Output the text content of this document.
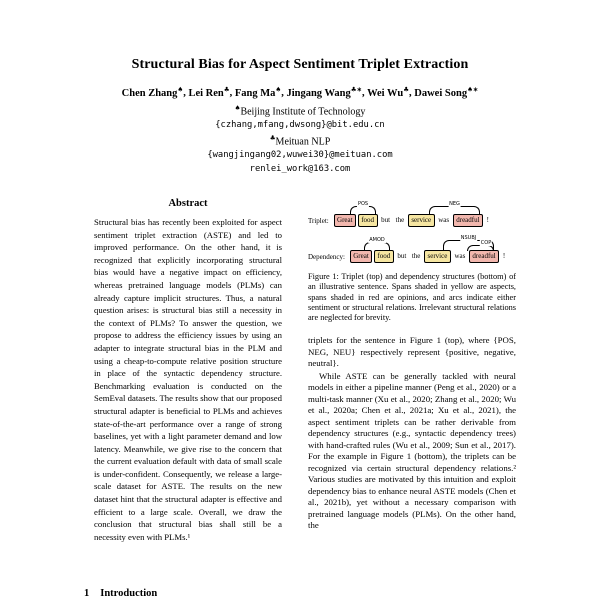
Structural Bias for Aspect Sentiment Triplet Extraction
Chen Zhang♠, Lei Ren♣, Fang Ma♠, Jingang Wang♣∗, Wei Wu♣, Dawei Song♠∗
♠Beijing Institute of Technology
{czhang,mfang,dwsong}@bit.edu.cn
♣Meituan NLP
{wangjingang02,wuwei30}@meituan.com
renlei_work@163.com
Abstract
Structural bias has recently been exploited for aspect sentiment triplet extraction (ASTE) and led to improved performance. On the other hand, it is recognized that explicitly incorporating structural bias would have a negative impact on efficiency, whereas pretrained language models (PLMs) can already capture implicit structures. Thus, a natural question arises: is structural bias still a necessity in the context of PLMs? To answer the question, we propose to address the efficiency issues by using an adapter to integrate structural bias in the PLM and using a cheap-to-compute relative position structure in place of the syntactic dependency structure. Benchmarking evaluation is conducted on the SemEval datasets. The results show that our proposed structural adapter is beneficial to PLMs and achieves state-of-the-art performance over a range of strong baselines, yet with a light parameter demand and low latency. Meanwhile, we give rise to the concern that the current evaluation default with data of small scale is under-confident. Consequently, we release a large-scale dataset for ASTE. The results on the new dataset hint that the structural adapter is effective and efficient to a large scale. Overall, we draw the conclusion that structural bias shall still be a necessity even with PLMs.¹
1 Introduction
POS	NEG
Triplet:	Great	food	but the	service	was	dreadful	!
AMOD	NSUBJ
COP
Dependency:	Great	food	but the	service	was	dreadful	!
Figure 1: Triplet (top) and dependency structures (bottom) of an illustrative sentence. Spans shaded in yellow are aspects, spans shaded in red are opinions, and arcs indicate either sentiment or structural relations. Irrelevant structural relations are neglected for brevity.

triplets for the sentence in Figure 1 (top), where {POS, NEG, NEU} respectively represent {positive, negative, neutral}.

While ASTE can be generally tackled with neural models in either a pipeline manner (Peng et al., 2020) or a multi-task manner (Xu et al., 2020; Zhang et al., 2020; Wu et al., 2020a; Chen et al., 2021a; Xu et al., 2021), the aspect sentiment triplets can be rather derivable from dependency structures (e.g., syntactic dependency trees) with hand-crafted rules (Wu et al., 2009; Sun et al., 2017). For the example in Figure 1 (bottom), the triplets can be recognized via certain structural dependency relations.² Various studies are motivated by this intuition and exploit dependency bias to enhance neural ASTE models (Chen et al., 2021b), yet without a necessary comparison with pretrained language models (PLMs). On the other hand, the
